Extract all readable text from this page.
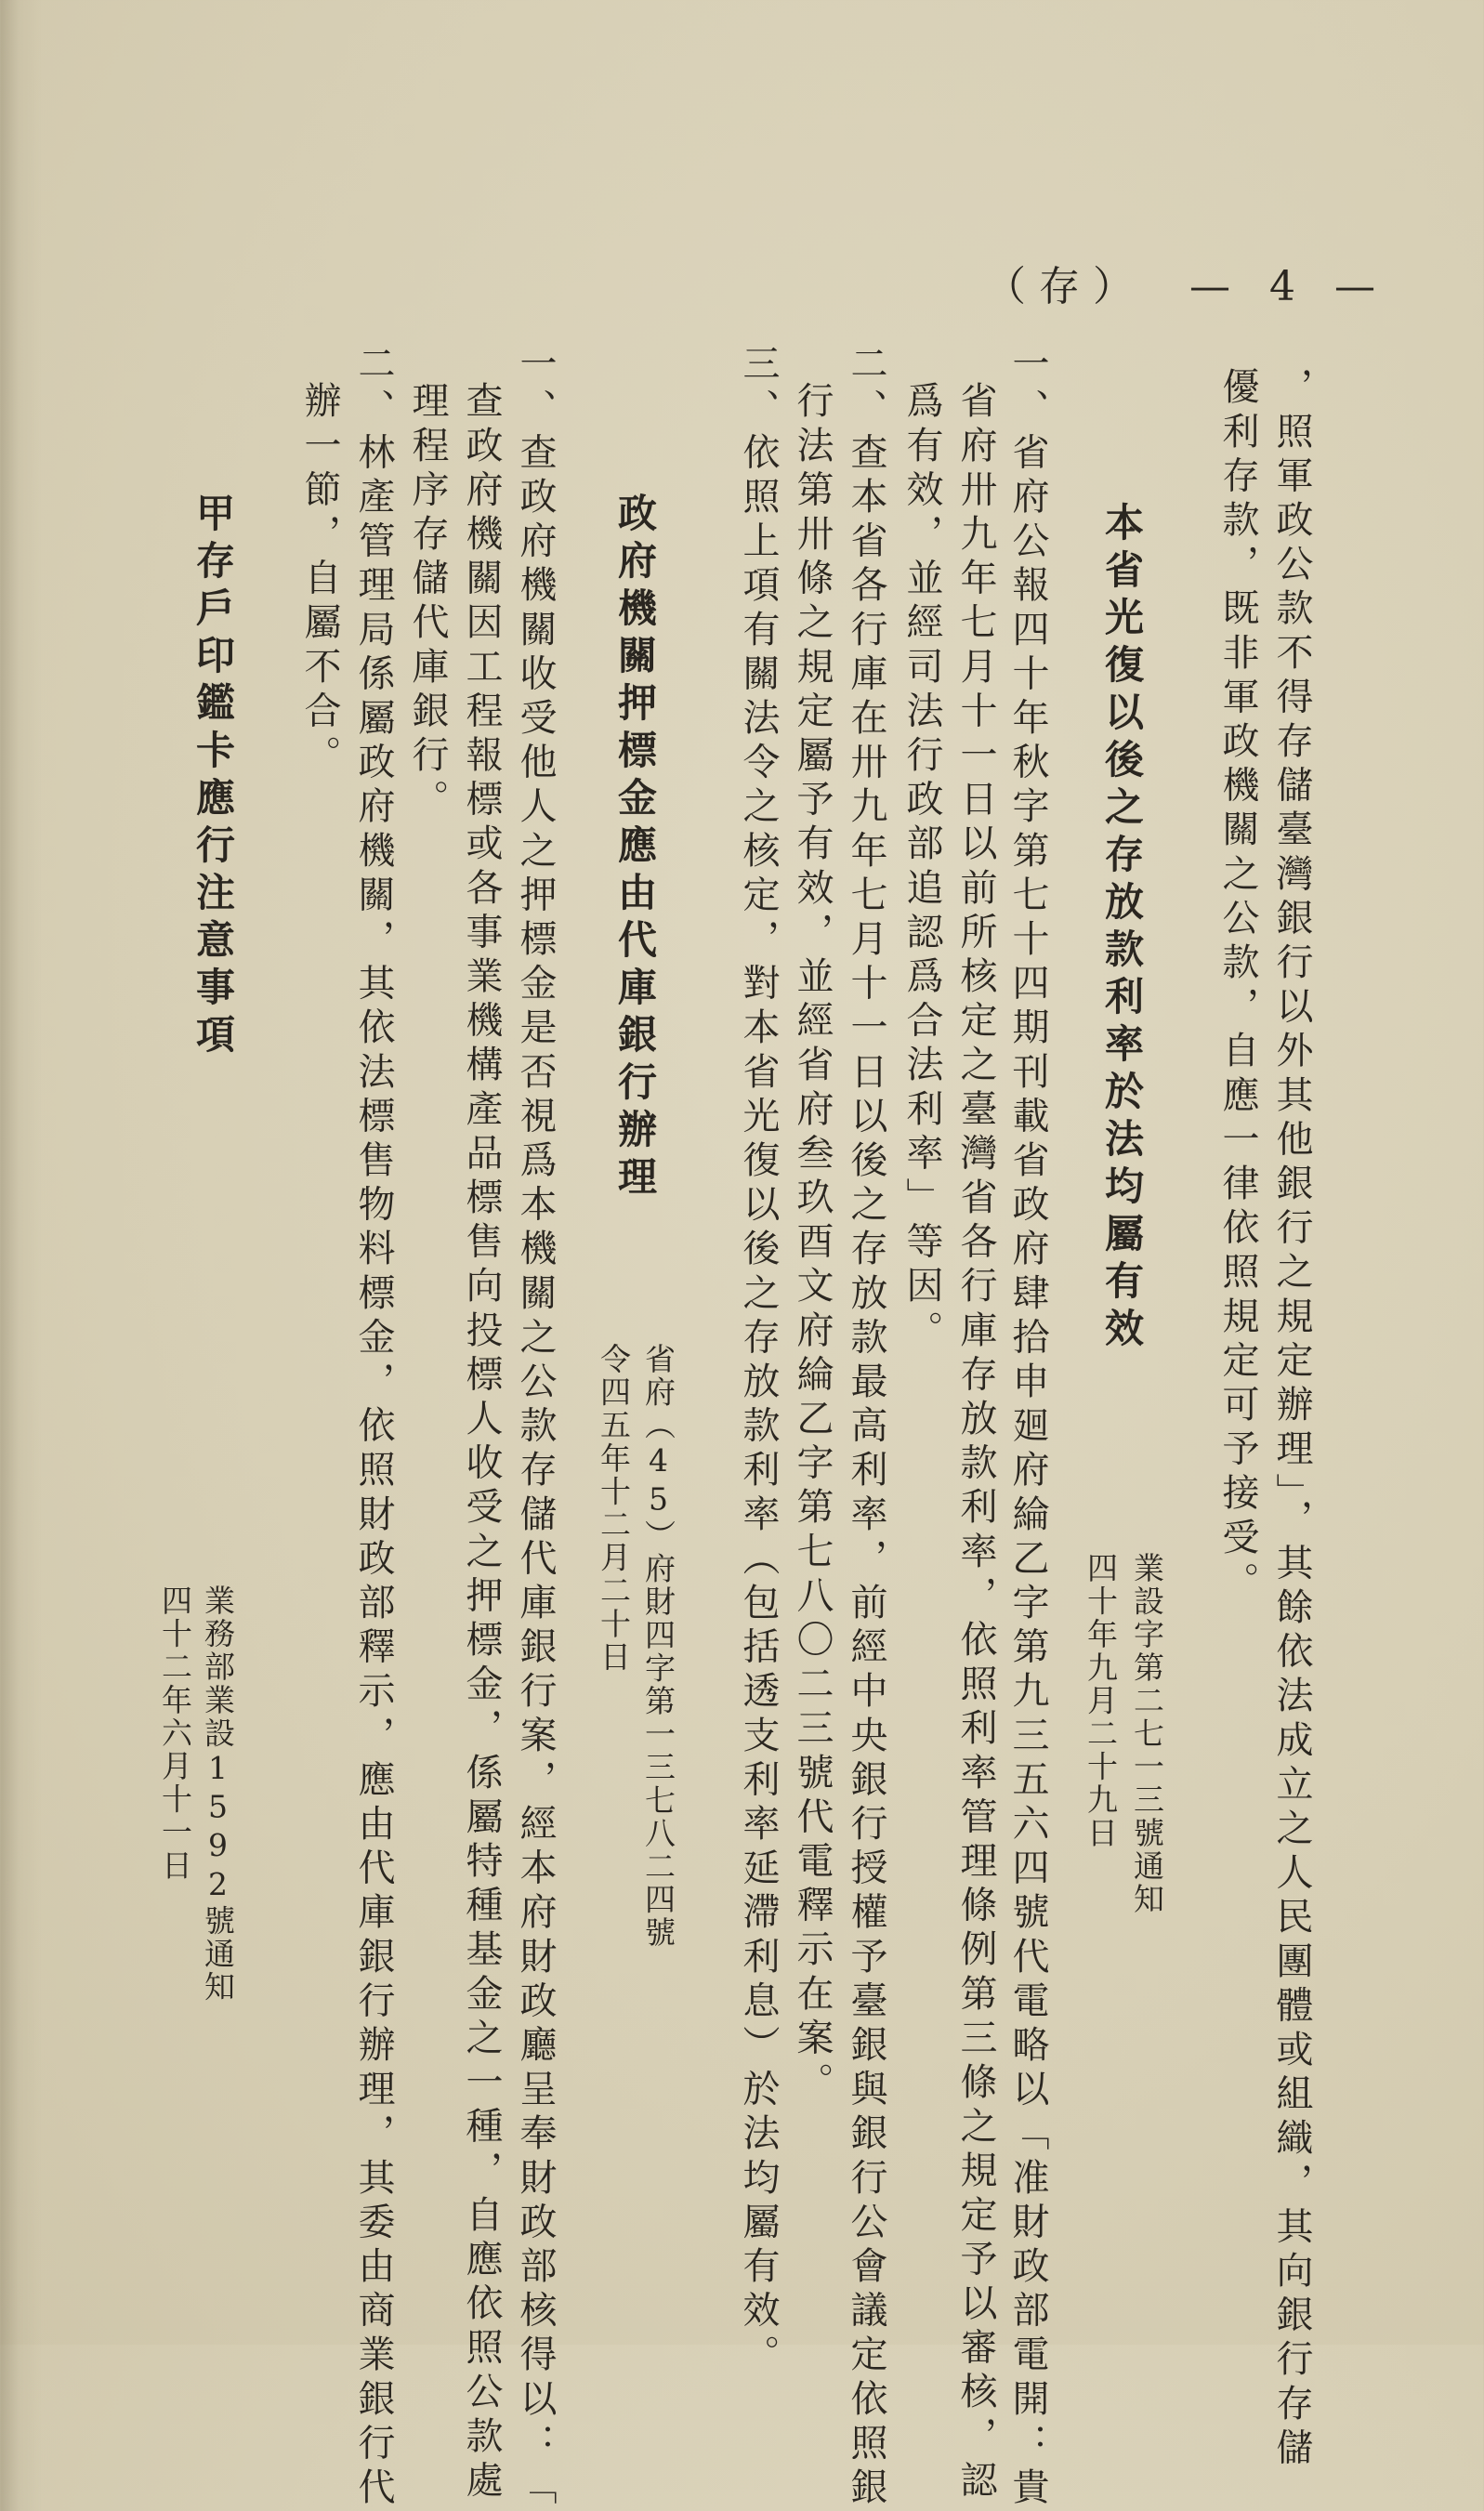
（存） — 4 —
，照軍政公款不得存儲臺灣銀行以外其他銀行之規定辦理」，其餘依法成立之人民團體或組織，其向銀行存儲
優利存款，既非軍政機關之公款，自應一律依照規定可予接受。
本省光復以後之存放款利率於法均屬有效
業設字第二七一三號通知
四十年九月二十九日
一、省府公報四十年秋字第七十四期刊載省政府肆拾申廻府綸乙字第九三五六四號代電略以「准財政部電開：貴
省府卅九年七月十一日以前所核定之臺灣省各行庫存放款利率，依照利率管理條例第三條之規定予以審核，認
爲有效，並經司法行政部追認爲合法利率」等因。
二、查本省各行庫在卅九年七月十一日以後之存放款最高利率，前經中央銀行授權予臺銀與銀行公會議定依照銀
行法第卅條之規定屬予有效，並經省府叁玖酉文府綸乙字第七八〇二三號代電釋示在案。
三、依照上項有關法令之核定，對本省光復以後之存放款利率（包括透支利率延滯利息）於法均屬有效。
政府機關押標金應由代庫銀行辦理
省府（45）府財四字第一三七八二四號
令四五年十二月二十日
一、查政府機關收受他人之押標金是否視爲本機關之公款存儲代庫銀行案，經本府財政廳呈奉財政部核得以：「
查政府機關因工程報標或各事業機構產品標售向投標人收受之押標金，係屬特種基金之一種，自應依照公款處
理程序存儲代庫銀行。
二、林產管理局係屬政府機關，其依法標售物料標金，依照財政部釋示，應由代庫銀行辦理，其委由商業銀行代
辦一節，自屬不合。
甲存戶印鑑卡應行注意事項
業務部業設1592號通知
四十二年六月十一日
